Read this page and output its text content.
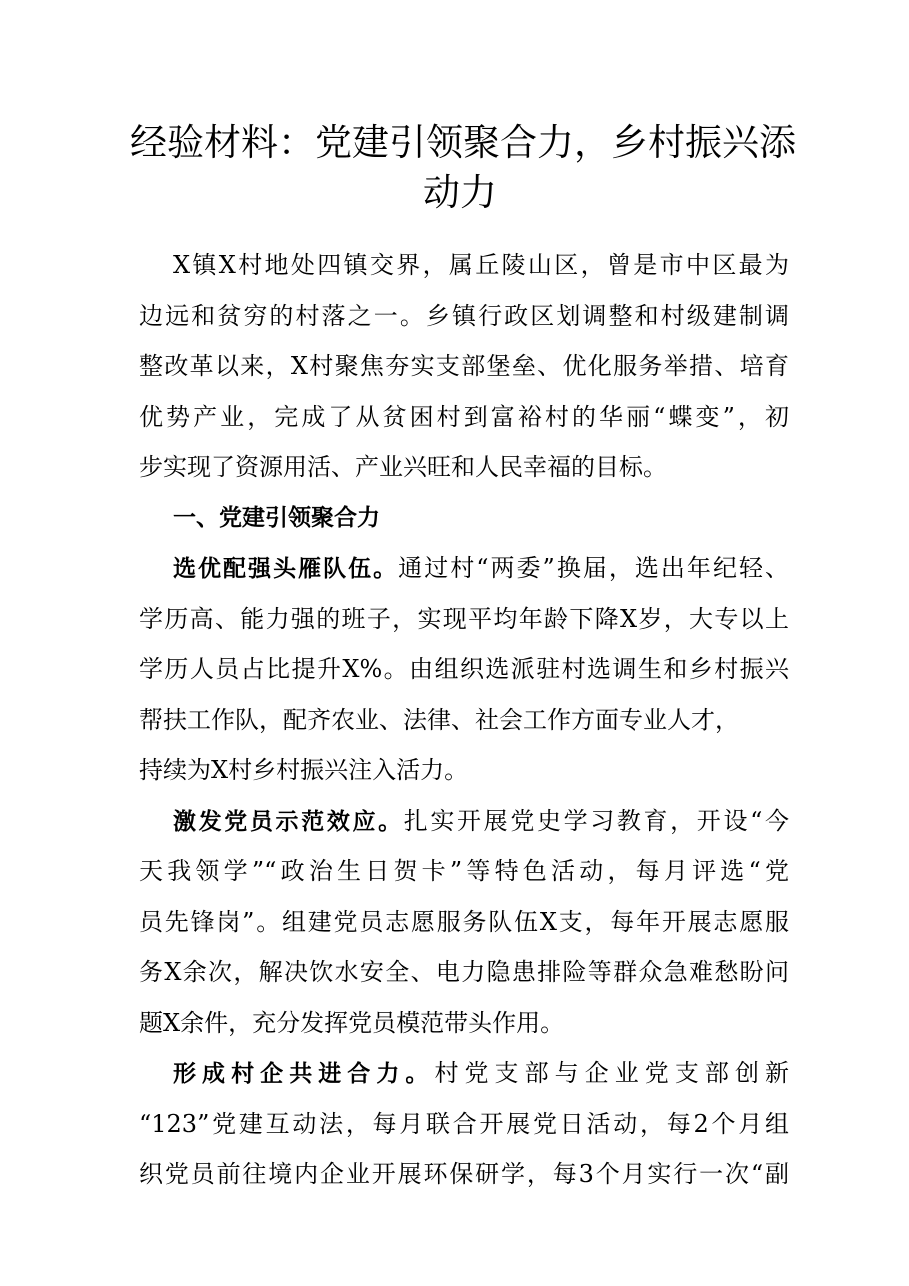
经验材料：党建引领聚合力，乡村振兴添
动力
X镇X村地处四镇交界，属丘陵山区，曾是市中区最为
边远和贫穷的村落之一。乡镇行政区划调整和村级建制调
整改革以来，X村聚焦夯实支部堡垒、优化服务举措、培育
优势产业，完成了从贫困村到富裕村的华丽“蝶变”，初
步实现了资源用活、产业兴旺和人民幸福的目标。
一、党建引领聚合力
选优配强头雁队伍。通过村“两委”换届，选出年纪轻、
学历高、能力强的班子，实现平均年龄下降X岁，大专以上
学历人员占比提升X%。由组织选派驻村选调生和乡村振兴
帮扶工作队，配齐农业、法律、社会工作方面专业人才，
持续为X村乡村振兴注入活力。
激发党员示范效应。扎实开展党史学习教育，开设“今
天我领学”“政治生日贺卡”等特色活动，每月评选“党
员先锋岗”。组建党员志愿服务队伍X支，每年开展志愿服
务X余次，解决饮水安全、电力隐患排险等群众急难愁盼问
题X余件，充分发挥党员模范带头作用。
形成村企共进合力。村党支部与企业党支部创新
“123”党建互动法，每月联合开展党日活动，每2个月组
织党员前往境内企业开展环保研学，每3个月实行一次“副
